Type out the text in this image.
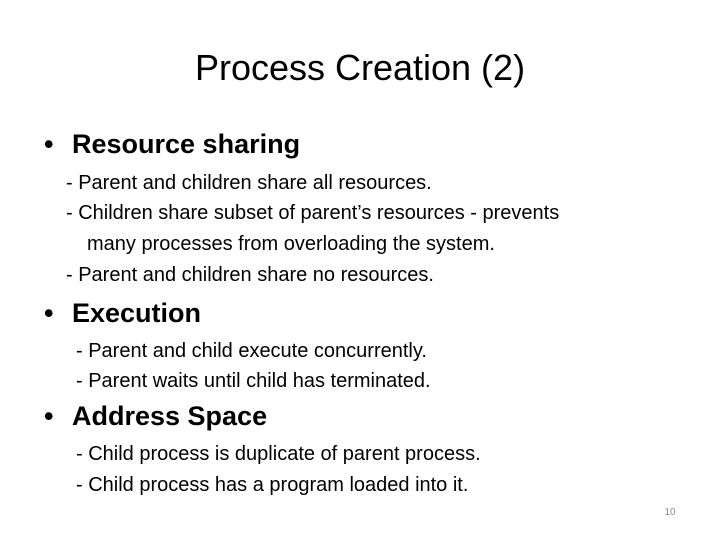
Process Creation (2)
• Resource sharing
- Parent and children share all resources.
- Children share subset of parent’s resources - prevents
many processes from overloading the system.
- Parent and children share no resources.
• Execution
- Parent and child execute concurrently.
- Parent waits until child has terminated.
• Address Space
- Child process is duplicate of parent process.
- Child process has a program loaded into it.
10
